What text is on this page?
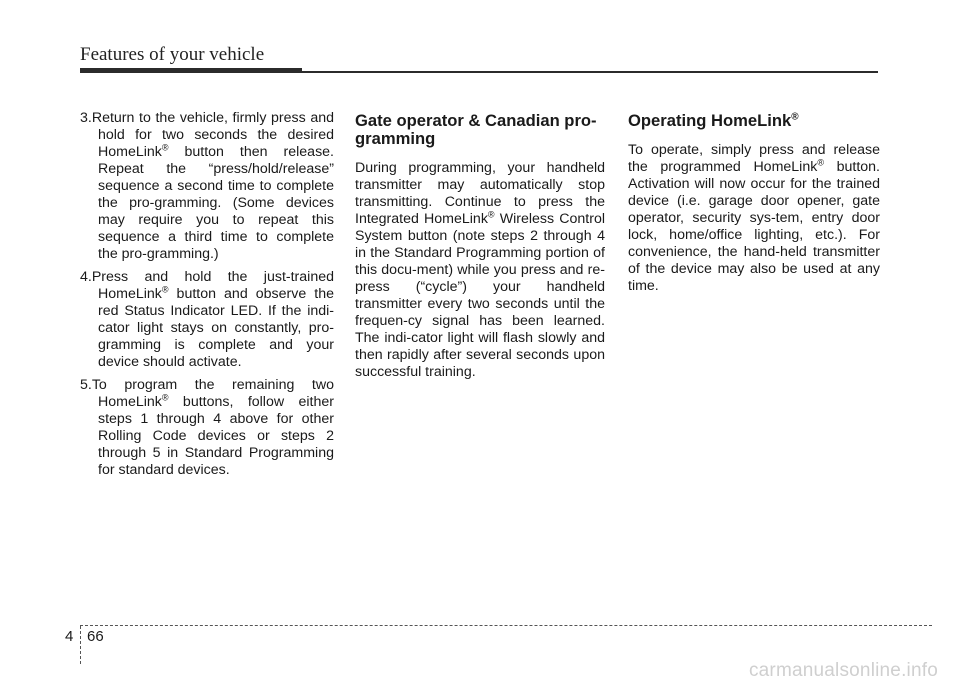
Features of your vehicle

3.Return to the vehicle, firmly press and hold for two seconds the desired HomeLink® button then release. Repeat the “press/hold/release” sequence a second time to complete the pro-gramming. (Some devices may require you to repeat this sequence a third time to complete the pro-gramming.)

4.Press and hold the just-trained HomeLink® button and observe the red Status Indicator LED. If the indi-cator light stays on constantly, pro-gramming is complete and your device should activate.

5.To program the remaining two HomeLink® buttons, follow either steps 1 through 4 above for other Rolling Code devices or steps 2 through 5 in Standard Programming for standard devices.

Gate operator & Canadian pro-gramming

During programming, your handheld transmitter may automatically stop transmitting. Continue to press the Integrated HomeLink® Wireless Control System button (note steps 2 through 4 in the Standard Programming portion of this docu-ment) while you press and re-press (“cycle”) your handheld transmitter every two seconds until the frequen-cy signal has been learned. The indi-cator light will flash slowly and then rapidly after several seconds upon successful training.

Operating HomeLink®

To operate, simply press and release the programmed HomeLink® button. Activation will now occur for the trained device (i.e. garage door opener, gate operator, security sys-tem, entry door lock, home/office lighting, etc.). For convenience, the hand-held transmitter of the device may also be used at any time.

4 66
carmanualsonline.info
